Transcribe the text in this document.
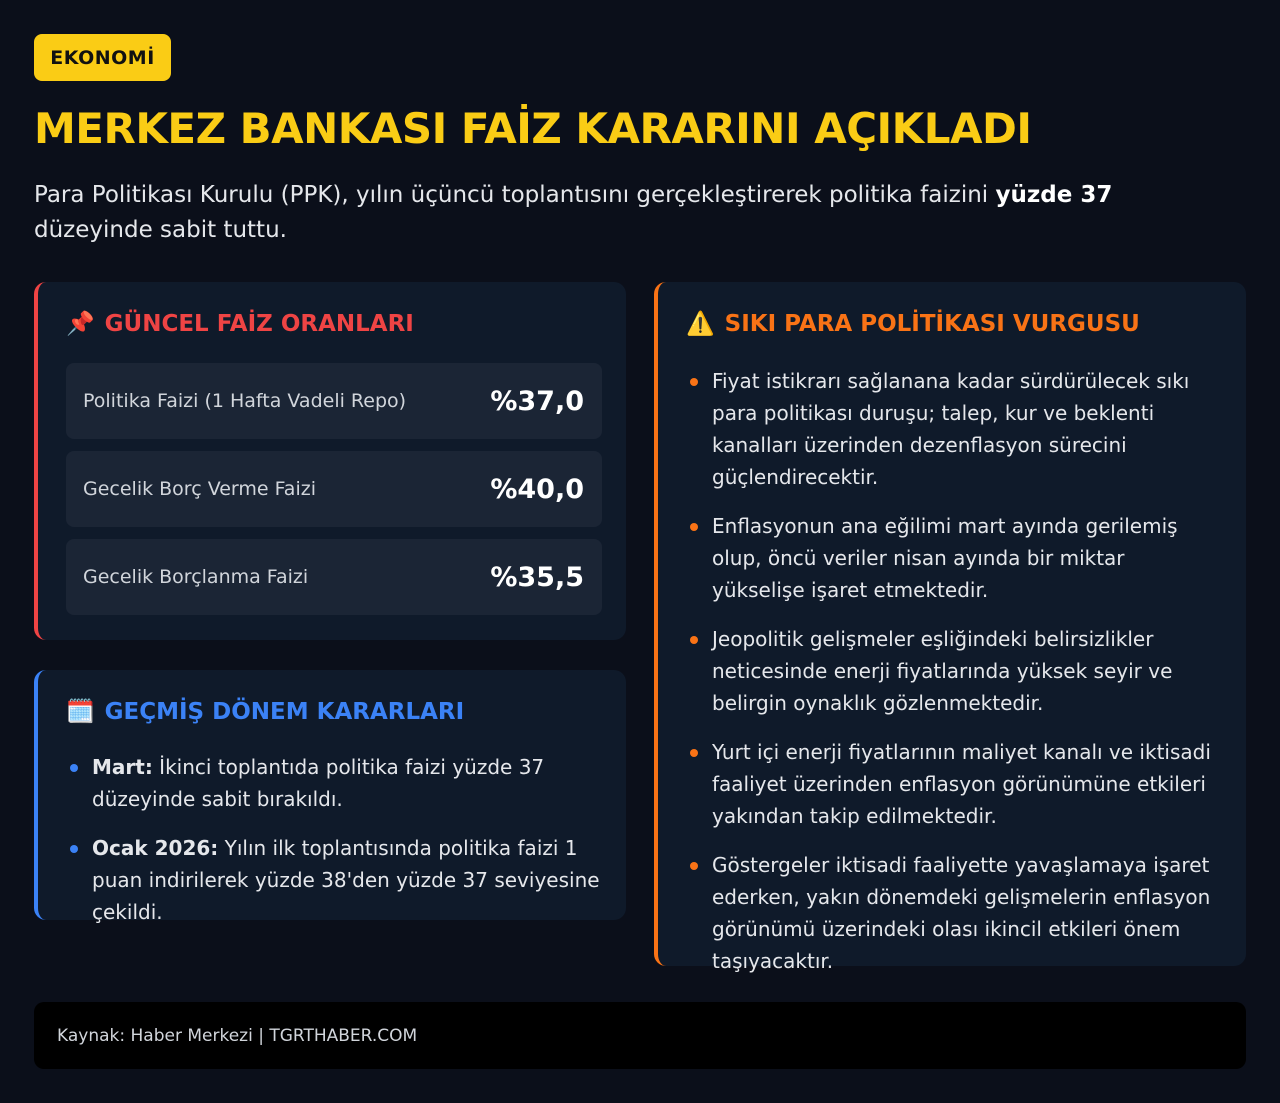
EKONOMİ
MERKEZ BANKASI FAİZ KARARINI AÇIKLADI

Para Politikası Kurulu (PPK), yılın üçüncü toplantısını gerçekleştirerek politika faizini yüzde 37 düzeyinde sabit tuttu.

📌 GÜNCEL FAİZ ORANLARI
Politika Faizi (1 Hafta Vadeli Repo)	%37,0
Gecelik Borç Verme Faizi	%40,0
Gecelik Borçlanma Faizi	%35,5
🗓️ GEÇMİŞ DÖNEM KARARLARI
Mart: İkinci toplantıda politika faizi yüzde 37 düzeyinde sabit bırakıldı.
Ocak 2026: Yılın ilk toplantısında politika faizi 1 puan indirilerek yüzde 38'den yüzde 37 seviyesine çekildi.
⚠️ SIKI PARA POLİTİKASI VURGUSU
Fiyat istikrarı sağlanana kadar sürdürülecek sıkı para politikası duruşu; talep, kur ve beklenti kanalları üzerinden dezenflasyon sürecini güçlendirecektir.
Enflasyonun ana eğilimi mart ayında gerilemiş olup, öncü veriler nisan ayında bir miktar yükselişe işaret etmektedir.
Jeopolitik gelişmeler eşliğindeki belirsizlikler neticesinde enerji fiyatlarında yüksek seyir ve belirgin oynaklık gözlenmektedir.
Yurt içi enerji fiyatlarının maliyet kanalı ve iktisadi faaliyet üzerinden enflasyon görünümüne etkileri yakından takip edilmektedir.
Göstergeler iktisadi faaliyette yavaşlamaya işaret ederken, yakın dönemdeki gelişmelerin enflasyon görünümü üzerindeki olası ikincil etkileri önem taşıyacaktır.
Kaynak: Haber Merkezi | TGRTHABER.COM
